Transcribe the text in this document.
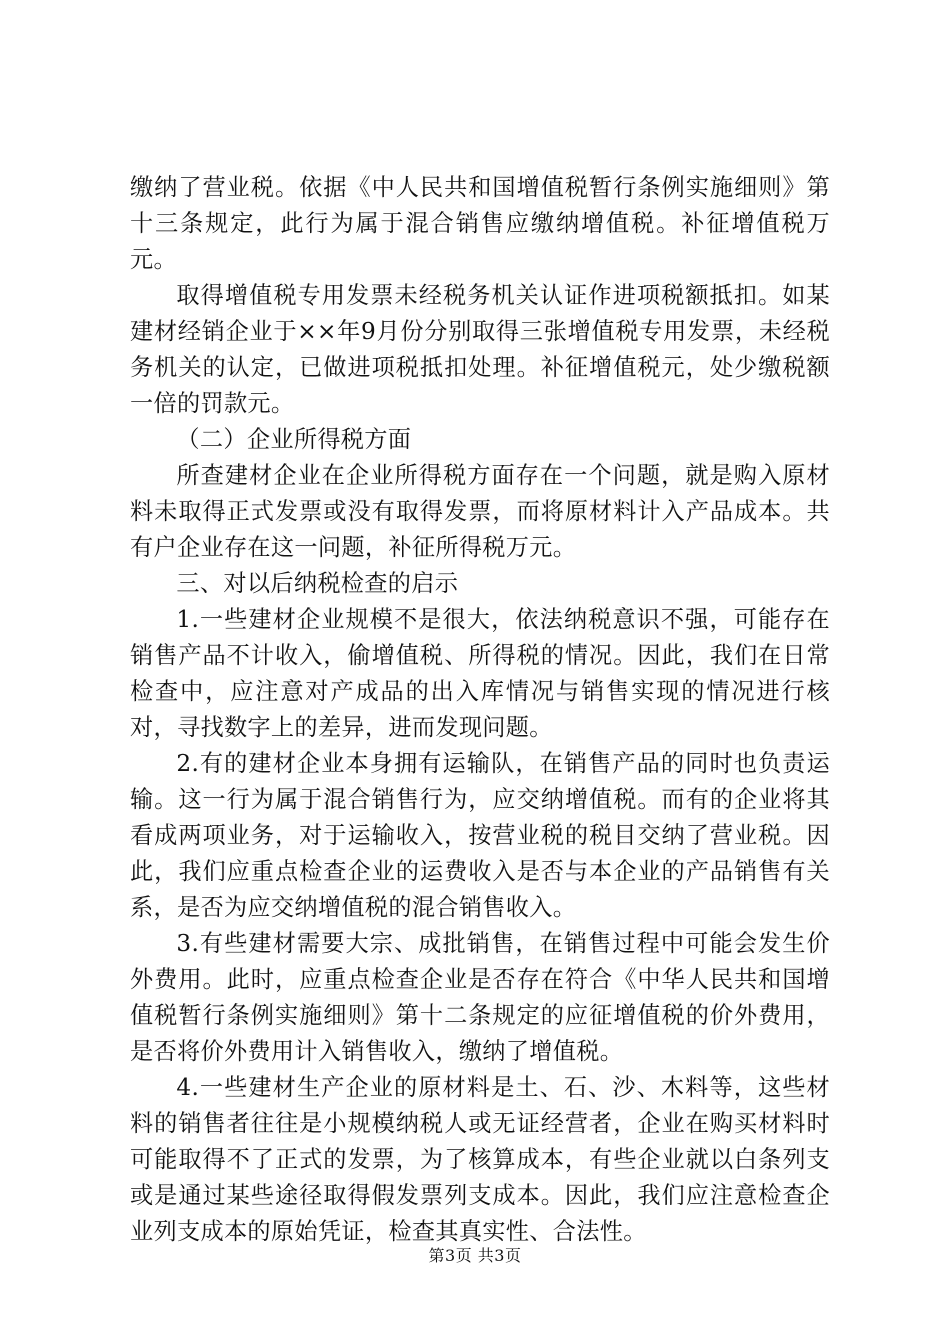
缴纳了营业税。依据《中人民共和国增值税暂行条例实施细则》第十三条规定，此行为属于混合销售应缴纳增值税。补征增值税万元。

取得增值税专用发票未经税务机关认证作进项税额抵扣。如某建材经销企业于××年9月份分别取得三张增值税专用发票，未经税务机关的认定，已做进项税抵扣处理。补征增值税元，处少缴税额一倍的罚款元。

（二）企业所得税方面

所查建材企业在企业所得税方面存在一个问题，就是购入原材料未取得正式发票或没有取得发票，而将原材料计入产品成本。共有户企业存在这一问题，补征所得税万元。

三、对以后纳税检查的启示

1.一些建材企业规模不是很大，依法纳税意识不强，可能存在销售产品不计收入，偷增值税、所得税的情况。因此，我们在日常检查中，应注意对产成品的出入库情况与销售实现的情况进行核对，寻找数字上的差异，进而发现问题。

2.有的建材企业本身拥有运输队，在销售产品的同时也负责运输。这一行为属于混合销售行为，应交纳增值税。而有的企业将其看成两项业务，对于运输收入，按营业税的税目交纳了营业税。因此，我们应重点检查企业的运费收入是否与本企业的产品销售有关系，是否为应交纳增值税的混合销售收入。

3.有些建材需要大宗、成批销售，在销售过程中可能会发生价外费用。此时，应重点检查企业是否存在符合《中华人民共和国增值税暂行条例实施细则》第十二条规定的应征增值税的价外费用，是否将价外费用计入销售收入，缴纳了增值税。

4.一些建材生产企业的原材料是土、石、沙、木料等，这些材料的销售者往往是小规模纳税人或无证经营者，企业在购买材料时可能取得不了正式的发票，为了核算成本，有些企业就以白条列支或是通过某些途径取得假发票列支成本。因此，我们应注意检查企业列支成本的原始凭证，检查其真实性、合法性。

第3页 共3页
